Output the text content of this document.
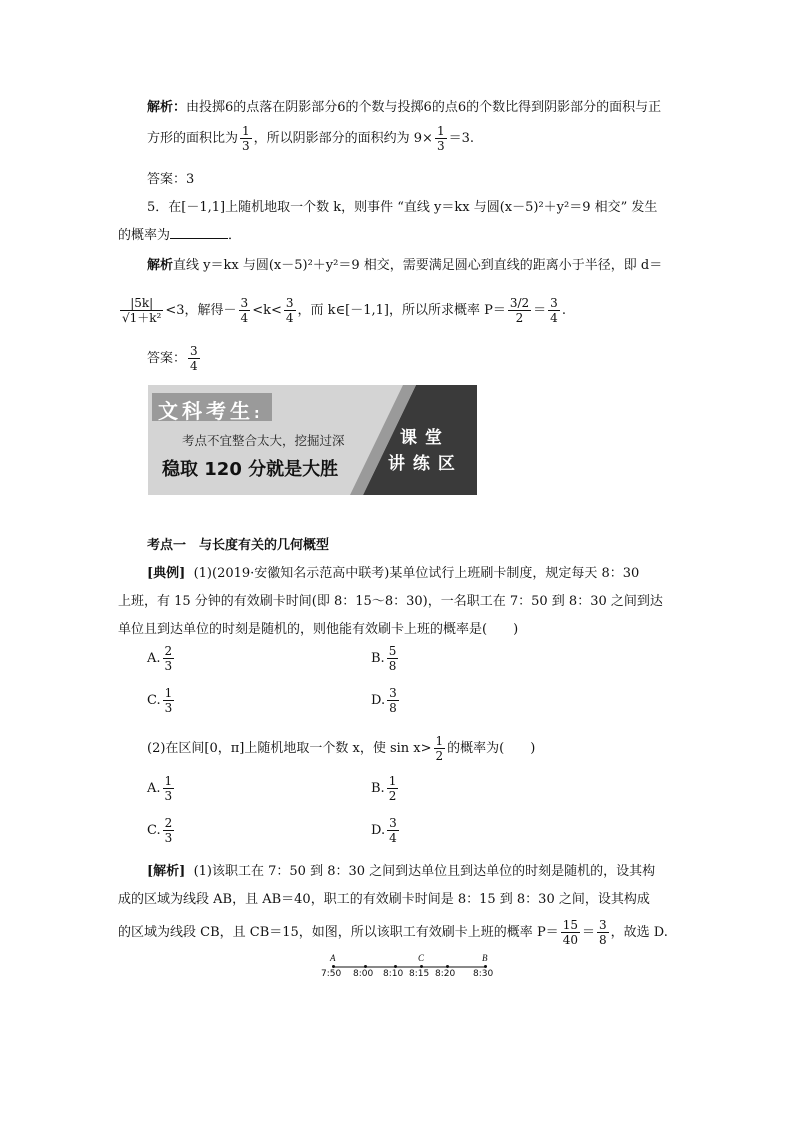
解析：由投掷6的点落在阴影部分6的个数与投掷6的点6的个数比得到阴影部分的面积与正
方形的面积比为 $\frac{1}{3}$ ，所以阴影部分的面积约为 $9\times \frac{1}{3} =3$.
答案：3
5．在[－1,1]上随机地取一个数 k，则事件 “直线 y＝kx 与圆(x－5)²＋y²＝9 相交” 发生
的概率为	．
解析直线 y＝kx 与圆(x－5)²＋y²＝9 相交，需要满足圆心到直线的距离小于半径，即 d＝
$\frac{|5k|}{\text{√1＋k²}} <3$，解得－ $\frac{3}{4} <k< \frac{3}{4}$ ，而 k∈[－1,1]，所以所求概率 $P= \frac{3/2}{2} = \frac{3}{4}$ .
答案： $\frac{3}{4}$
文科考生:
考点不宜整合太大，挖掘过深
稳取 120 分就是大胜
课 堂
讲 练 区
考点一　与长度有关的几何概型
[典例] (1)(2019·安徽知名示范高中联考)某单位试行上班刷卡制度，规定每天 8：30
上班，有 15 分钟的有效刷卡时间(即 8：15～8：30)，一名职工在 7：50 到 8：30 之间到达
单位且到达单位的时刻是随机的，则他能有效刷卡上班的概率是(　　)
A. $\frac{2}{3}$	B. $\frac{5}{8}$
C. $\frac{1}{3}$	D. $\frac{3}{8}$
(2)在区间[0，π]上随机地取一个数 x，使 $\sin x> \frac{1}{2}$ 的概率为(　　)
A. $\frac{1}{3}$	B. $\frac{1}{2}$
C. $\frac{2}{3}$	D. $\frac{3}{4}$
[解析] (1)该职工在 7：50 到 8：30 之间到达单位且到达单位的时刻是随机的，设其构
成的区域为线段 AB，且 AB＝40，职工的有效刷卡时间是 8：15 到 8：30 之间，设其构成
的区域为线段 CB，且 CB＝15，如图，所以该职工有效刷卡上班的概率 $P= \frac{15}{40} = \frac{3}{8}$ ，故选 D.
7:50
A
8:00 8:10 8:15
C
8:20 8:30
B
